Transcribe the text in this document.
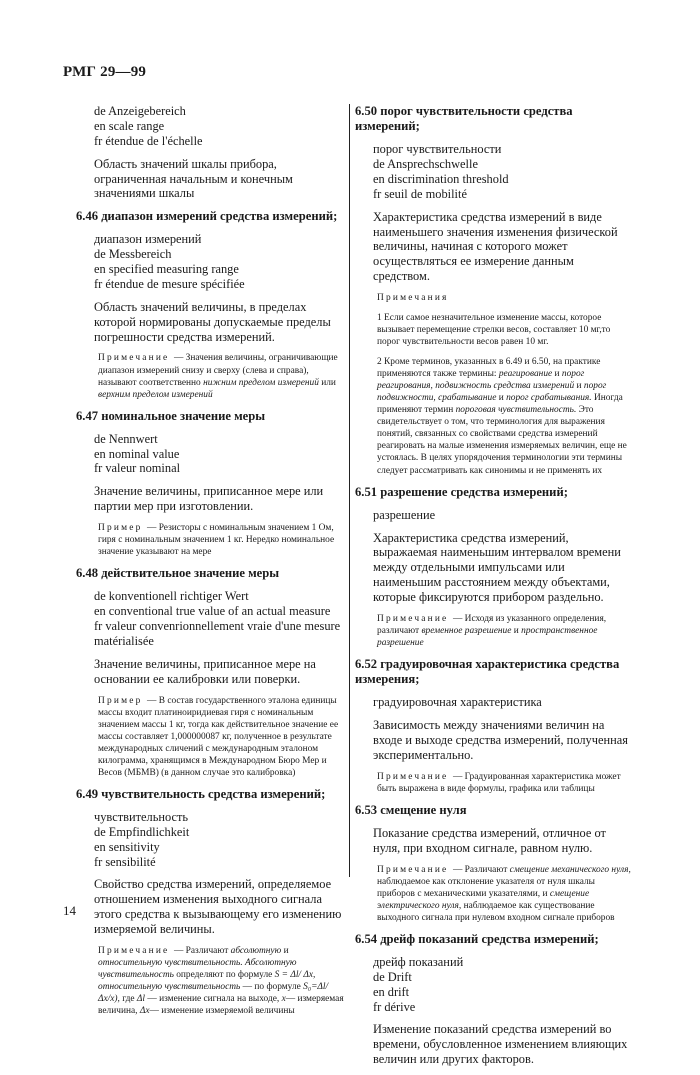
РМГ 29—99
de Anzeigebereich
en scale range
fr étendue de l'échelle
Область значений шкалы прибора, ограниченная начальным и конечным значениями шкалы
6.46 диапазон измерений средства измерений;
диапазон измерений
de Messbereich
en specified measuring range
fr étendue de mesure spécifiée
Область значений величины, в пределах которой нормированы допускаемые пределы погрешности средства измерений.
Примечание — Значения величины, ограничивающие диапазон измерений снизу и сверху (слева и справа), называют соответственно нижним пределом измерений или верхним пределом измерений
6.47 номинальное значение меры
de Nennwert
en nominal value
fr valeur nominal
Значение величины, приписанное мере или партии мер при изготовлении.
Пример — Резисторы с номинальным значением 1 Ом, гиря с номинальным значением 1 кг. Нередко номинальное значение указывают на мере
6.48 действительное значение меры
de konventionell richtiger Wert
en conventional true value of an actual measure
fr valeur convenrionnellement vraie d'une mesure matérialisée
Значение величины, приписанное мере на основании ее калибровки или поверки.
Пример — В состав государственного эталона единицы массы входит платиноиридиевая гиря с номинальным значением массы 1 кг, тогда как действительное значение ее массы составляет 1,000000087 кг, полученное в результате международных сличений с международным эталоном килограмма, хранящимся в Международном Бюро Мер и Весов (МБМВ) (в данном случае это калибровка)
6.49 чувствительность средства измерений;
чувствительность
de Empfindlichkeit
en sensitivity
fr sensibilité
Свойство средства измерений, определяемое отношением изменения выходного сигнала этого средства к вызывающему его изменению измеряемой величины.
Примечание — Различают абсолютную и относительную чувствительность. Абсолютную чувствительность определяют по формуле S = Δl/ Δx, относительную чувствительность — по формуле S₀=Δl/ Δx/x), где Δl — изменение сигнала на выходе, x— измеряемая величина, Δx— изменение измеряемой величины
6.50 порог чувствительности средства измерений;
порог чувствительности
de Ansprechschwelle
en discrimination threshold
fr seuil de mobilité
Характеристика средства измерений в виде наименьшего значения изменения физической величины, начиная с которого может осуществляться ее измерение данным средством.
Примечания
1 Если самое незначительное изменение массы, которое вызывает перемещение стрелки весов, составляет 10 мг,то порог чувствительности весов равен 10 мг.
2 Кроме терминов, указанных в 6.49 и 6.50, на практике применяются также термины: реагирование и порог реагирования, подвижность средства измерений и порог подвижности, срабатывание и порог срабатывания. Иногда применяют термин пороговая чувствительность. Это свидетельствует о том, что терминология для выражения понятий, связанных со свойствами средства измерений реагировать на малые изменения измеряемых величин, еще не устоялась. В целях упорядочения терминологии эти термины следует рассматривать как синонимы и не применять их
6.51 разрешение средства измерений;
разрешение
Характеристика средства измерений, выражаемая наименьшим интервалом времени между отдельными импульсами или наименьшим расстоянием между объектами, которые фиксируются прибором раздельно.
Примечание — Исходя из указанного определения, различают временное разрешение и пространственное разрешение
6.52 градуировочная характеристика средства измерения;
градуировочная характеристика
Зависимость между значениями величин на входе и выходе средства измерений, полученная экспериментально.
Примечание — Градуированная характеристика может быть выражена в виде формулы, графика или таблицы
6.53 смещение нуля
Показание средства измерений, отличное от нуля, при входном сигнале, равном нулю.
Примечание — Различают смещение механического нуля, наблюдаемое как отклонение указателя от нуля шкалы приборов с механическими указателями, и смещение электрического нуля, наблюдаемое как существование выходного сигнала при нулевом входном сигнале приборов
6.54 дрейф показаний средства измерений;
дрейф показаний
de Drift
en drift
fr dérive
Изменение показаний средства измерений во времени, обусловленное изменением влияющих величин или других факторов.
14
